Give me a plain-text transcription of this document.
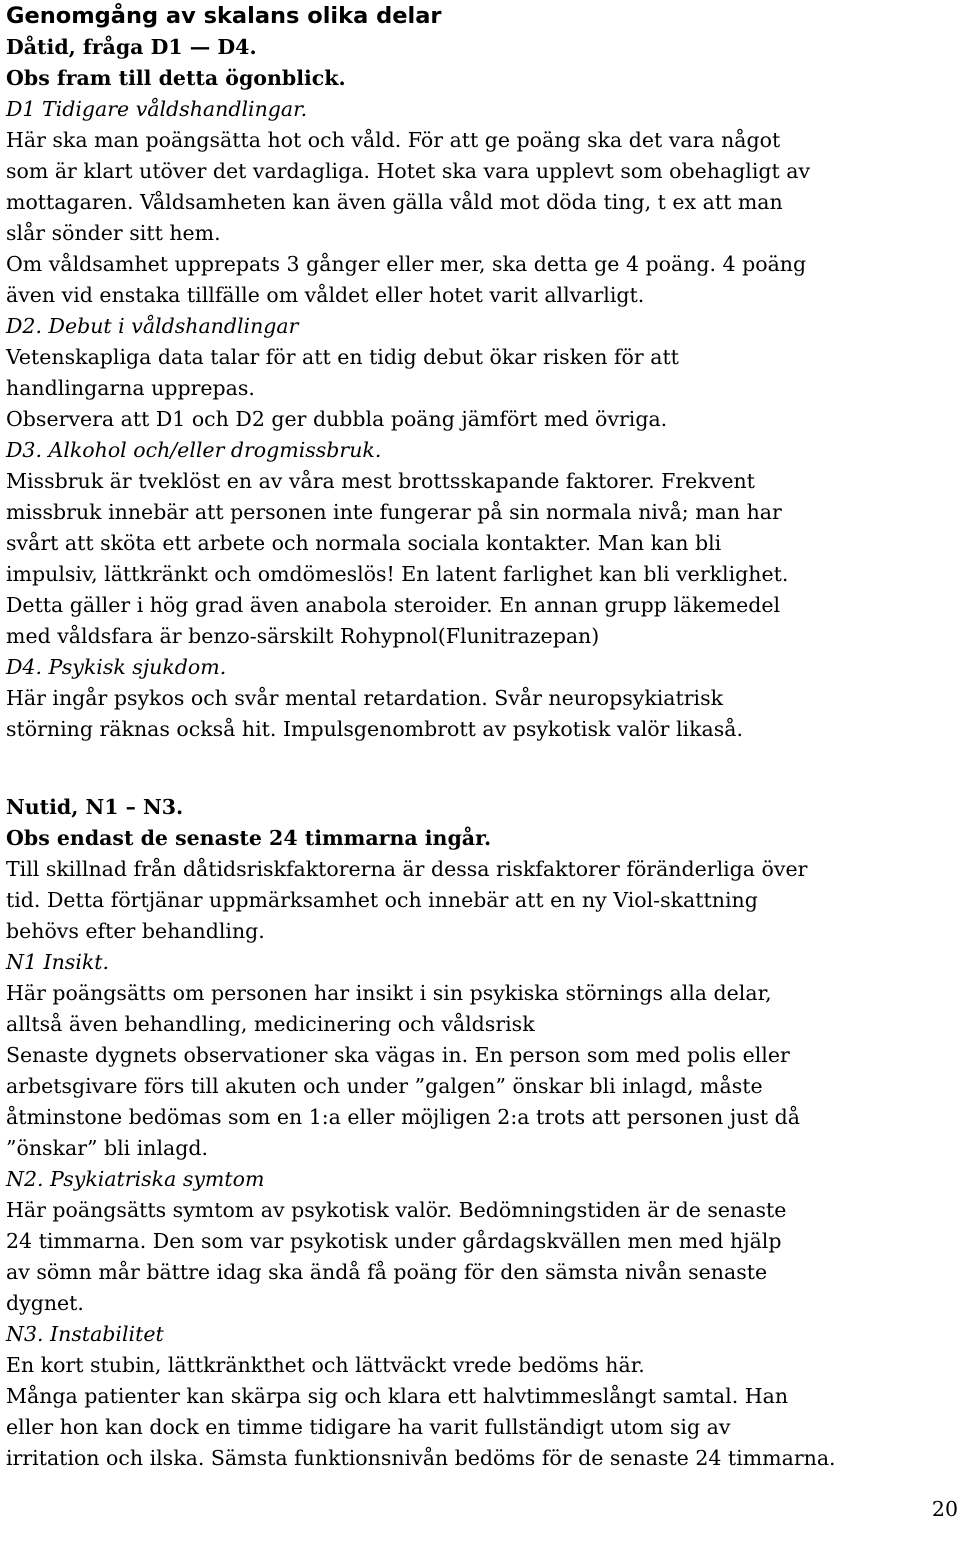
Genomgång av skalans olika delar

Dåtid, fråga D1 — D4.

Obs fram till detta ögonblick.

D1 Tidigare våldshandlingar.

Här ska man poängsätta hot och våld. För att ge poäng ska det vara något
som är klart utöver det vardagliga. Hotet ska vara upplevt som obehagligt av
mottagaren. Våldsamheten kan även gälla våld mot döda ting, t ex att man
slår sönder sitt hem.
Om våldsamhet upprepats 3 gånger eller mer, ska detta ge 4 poäng. 4 poäng
även vid enstaka tillfälle om våldet eller hotet varit allvarligt.

D2. Debut i våldshandlingar

Vetenskapliga data talar för att en tidig debut ökar risken för att
handlingarna upprepas.
Observera att D1 och D2 ger dubbla poäng jämfört med övriga.

D3. Alkohol och/eller drogmissbruk.

Missbruk är tveklöst en av våra mest brottsskapande faktorer. Frekvent
missbruk innebär att personen inte fungerar på sin normala nivå; man har
svårt att sköta ett arbete och normala sociala kontakter. Man kan bli
impulsiv, lättkränkt och omdömeslös! En latent farlighet kan bli verklighet.
Detta gäller i hög grad även anabola steroider. En annan grupp läkemedel
med våldsfara är benzo-särskilt Rohypnol(Flunitrazepan)

D4. Psykisk sjukdom.

Här ingår psykos och svår mental retardation. Svår neuropsykiatrisk
störning räknas också hit. Impulsgenombrott av psykotisk valör likaså.

Nutid, N1 – N3.

Obs endast de senaste 24 timmarna ingår.

Till skillnad från dåtidsriskfaktorerna är dessa riskfaktorer föränderliga över
tid. Detta förtjänar uppmärksamhet och innebär att en ny Viol-skattning
behövs efter behandling.

N1 Insikt.

Här poängsätts om personen har insikt i sin psykiska störnings alla delar,
alltså även behandling, medicinering och våldsrisk
Senaste dygnets observationer ska vägas in. En person som med polis eller
arbetsgivare förs till akuten och under ”galgen” önskar bli inlagd, måste
åtminstone bedömas som en 1:a eller möjligen 2:a trots att personen just då
”önskar” bli inlagd.

N2. Psykiatriska symtom

Här poängsätts symtom av psykotisk valör. Bedömningstiden är de senaste
24 timmarna. Den som var psykotisk under gårdagskvällen men med hjälp
av sömn mår bättre idag ska ändå få poäng för den sämsta nivån senaste
dygnet.

N3. Instabilitet

En kort stubin, lättkränkthet och lättväckt vrede bedöms här.
Många patienter kan skärpa sig och klara ett halvtimmeslångt samtal. Han
eller hon kan dock en timme tidigare ha varit fullständigt utom sig av
irritation och ilska. Sämsta funktionsnivån bedöms för de senaste 24 timmarna.

20
